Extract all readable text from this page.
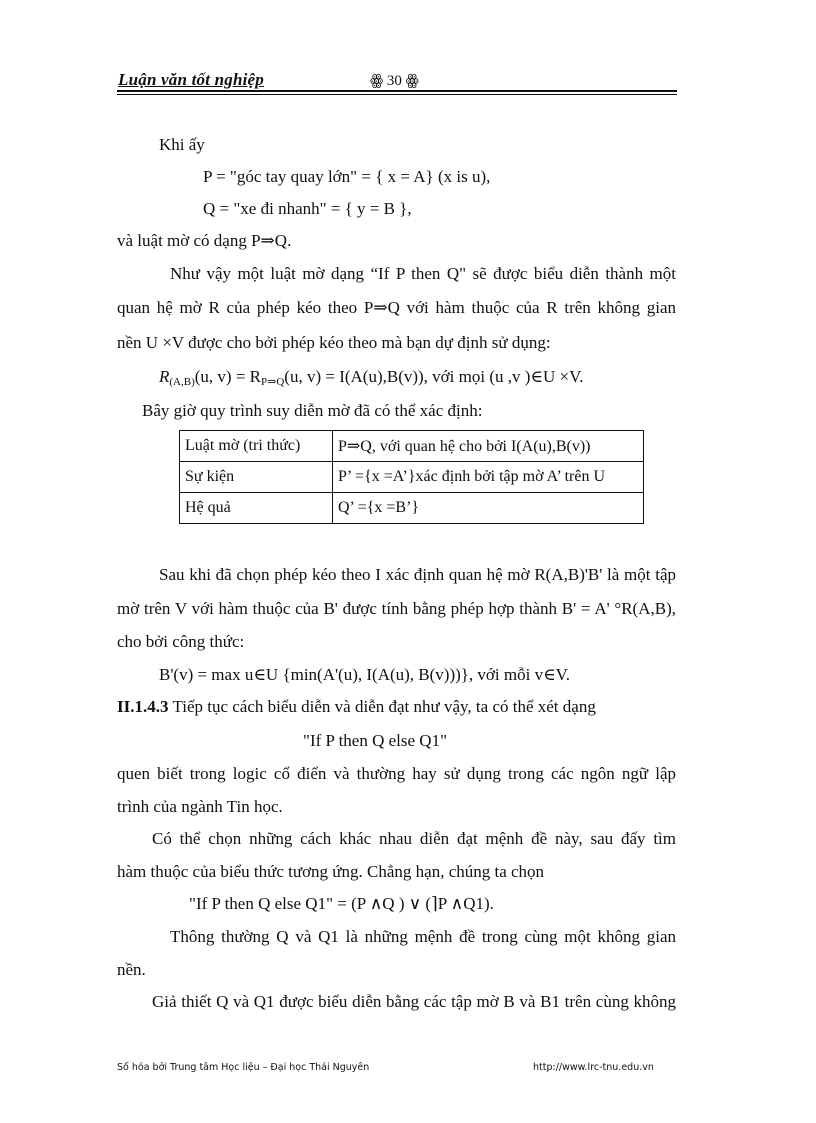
Luận văn tốt nghiệp	ꙮ 30 ꙮ
Khi ấy
P = "góc tay quay lớn" = { x = A} (x is u),
Q = "xe đi nhanh" = { y = B },
và luật mờ có dạng P⇒Q.
Như vậy một luật mờ dạng “If P then Q" sẽ được biểu diễn thành một
quan hệ mờ R của phép kéo theo P⇒Q với hàm thuộc của R trên không gian
nền U ×V được cho bởi phép kéo theo mà bạn dự định sử dụng:
$R_{(A,B)}(u$, $v) = R_{P\Rightarrow Q}(u$, v) = I(A(u),B(v)), với mọi (u ,v )∈U ×V.
Bây giờ quy trình suy diễn mờ đã có thể xác định:
Luật mờ (tri thức)	P⇒Q, với quan hệ cho bởi I(A(u),B(v))
Sự kiện	P’ ={x =A’}xác định bởi tập mờ A’ trên U
Hệ quả	Q’ ={x =B’}
Sau khi đã chọn phép kéo theo I xác định quan hệ mờ R(A,B)'B' là một tập
mờ trên V với hàm thuộc của B' được tính bằng phép hợp thành B' = A' °R(A,B),
cho bởi công thức:
B'(v) = max u∈U {min(A'(u), I(A(u), B(v)))}, với mỗi v∈V.
II.1.4.3 Tiếp tục cách biểu diễn và diễn đạt như vậy, ta có thể xét dạng
"If P then Q else Q1"
quen biết trong logic cổ điển và thường hay sử dụng trong các ngôn ngữ lập
trình của ngành Tin học.
Có thể chọn những cách khác nhau diễn đạt mệnh đề này, sau đấy tìm
hàm thuộc của biểu thức tương ứng. Chẳng hạn, chúng ta chọn
"If P then Q else Q1" = (P ∧Q ) ∨ (⌉P ∧Q1).
Thông thường Q và Q1 là những mệnh đề trong cùng một không gian
nền.
Giả thiết Q và Q1 được biểu diễn bằng các tập mờ B và B1 trên cùng không
Số hóa bởi Trung tâm Học liệu – Đại học Thái Nguyên	http://www.lrc-tnu.edu.vn
